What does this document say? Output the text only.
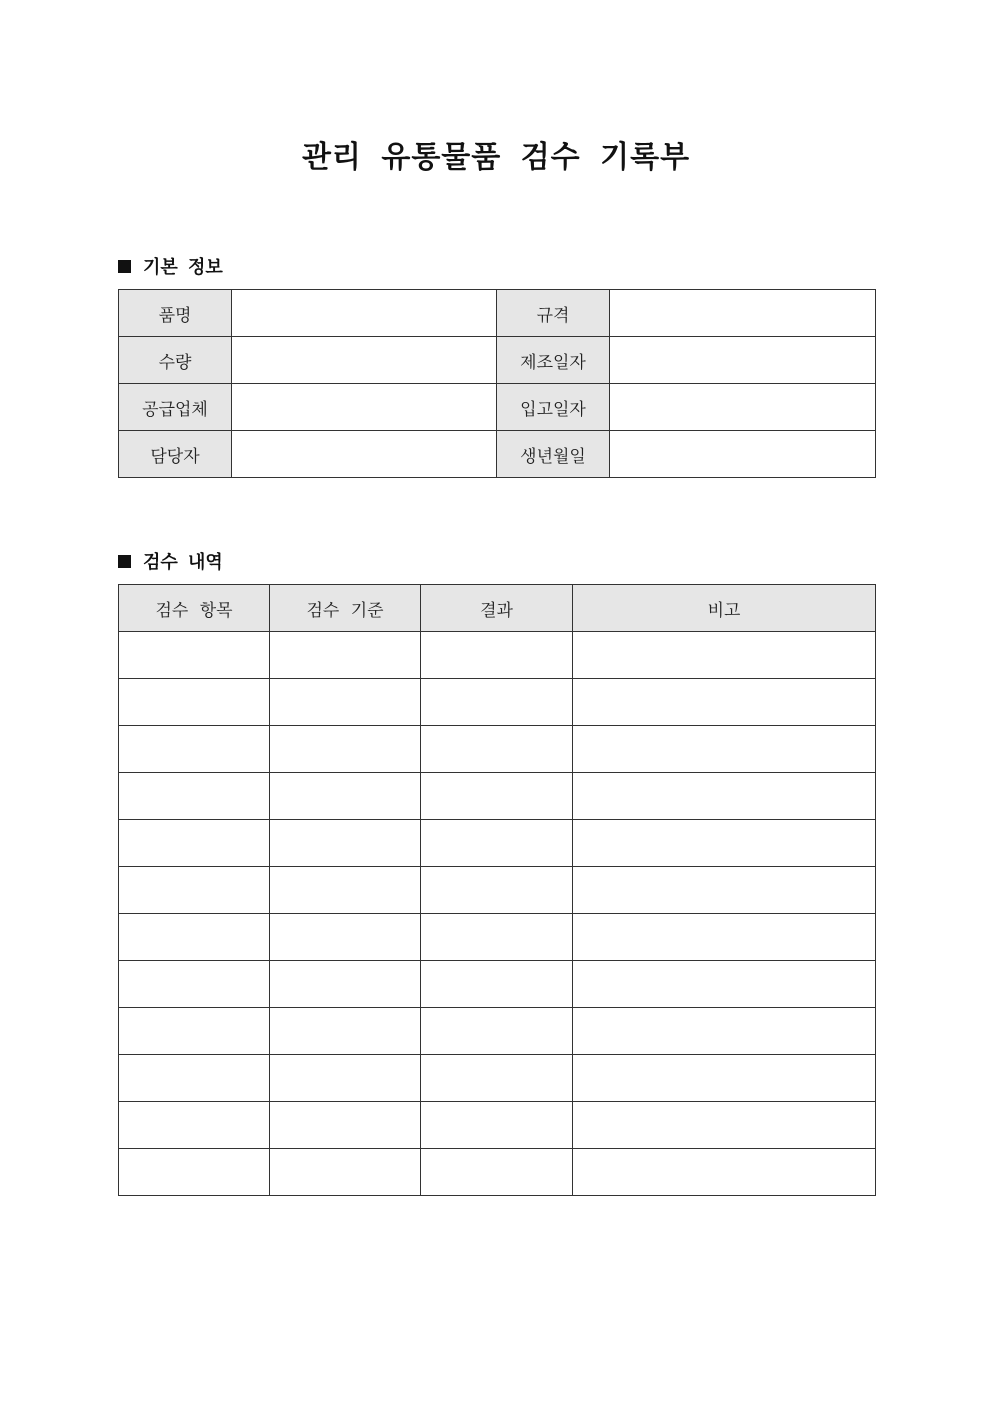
관리 유통물품 검수 기록부
기본 정보
품명		규격	
수량		제조일자	
공급업체		입고일자	
담당자		생년월일	
검수 내역
검수 항목	검수 기준	결과	비고
